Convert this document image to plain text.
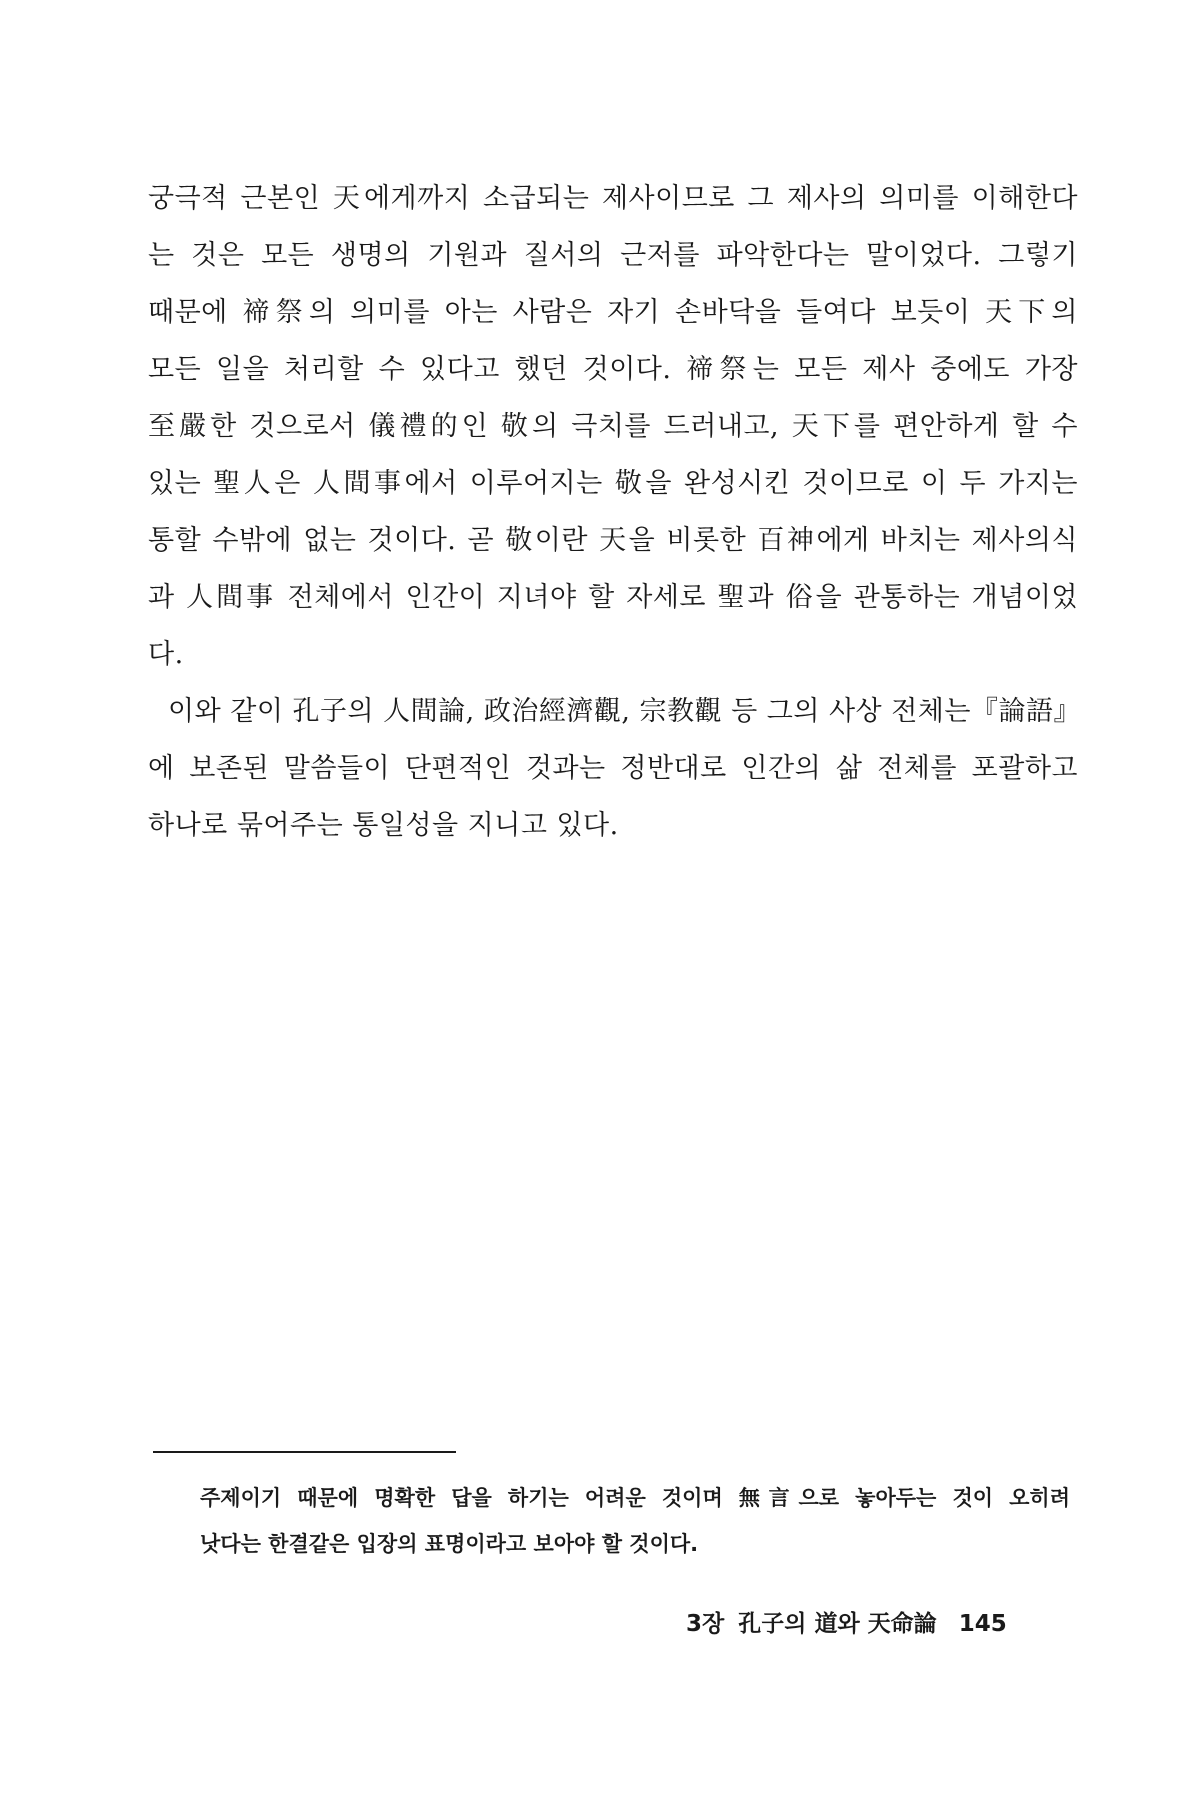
궁극적 근본인 天에게까지 소급되는 제사이므로 그 제사의 의미를 이해한다
는 것은 모든 생명의 기원과 질서의 근저를 파악한다는 말이었다. 그렇기
때문에 禘祭의 의미를 아는 사람은 자기 손바닥을 들여다 보듯이 天下의
모든 일을 처리할 수 있다고 했던 것이다. 禘祭는 모든 제사 중에도 가장
至嚴한 것으로서 儀禮的인 敬의 극치를 드러내고, 天下를 편안하게 할 수
있는 聖人은 人間事에서 이루어지는 敬을 완성시킨 것이므로 이 두 가지는
통할 수밖에 없는 것이다. 곧 敬이란 天을 비롯한 百神에게 바치는 제사의식
과 人間事 전체에서 인간이 지녀야 할 자세로 聖과 俗을 관통하는 개념이었
다.
이와 같이 孔子의 人間論, 政治經濟觀, 宗教觀 등 그의 사상 전체는『論語』
에 보존된 말씀들이 단편적인 것과는 정반대로 인간의 삶 전체를 포괄하고
하나로 묶어주는 통일성을 지니고 있다.
주제이기 때문에 명확한 답을 하기는 어려운 것이며 無言으로 놓아두는 것이 오히려
낫다는 한결같은 입장의 표명이라고 보아야 할 것이다.
3장 孔子의 道와 天命論 145
